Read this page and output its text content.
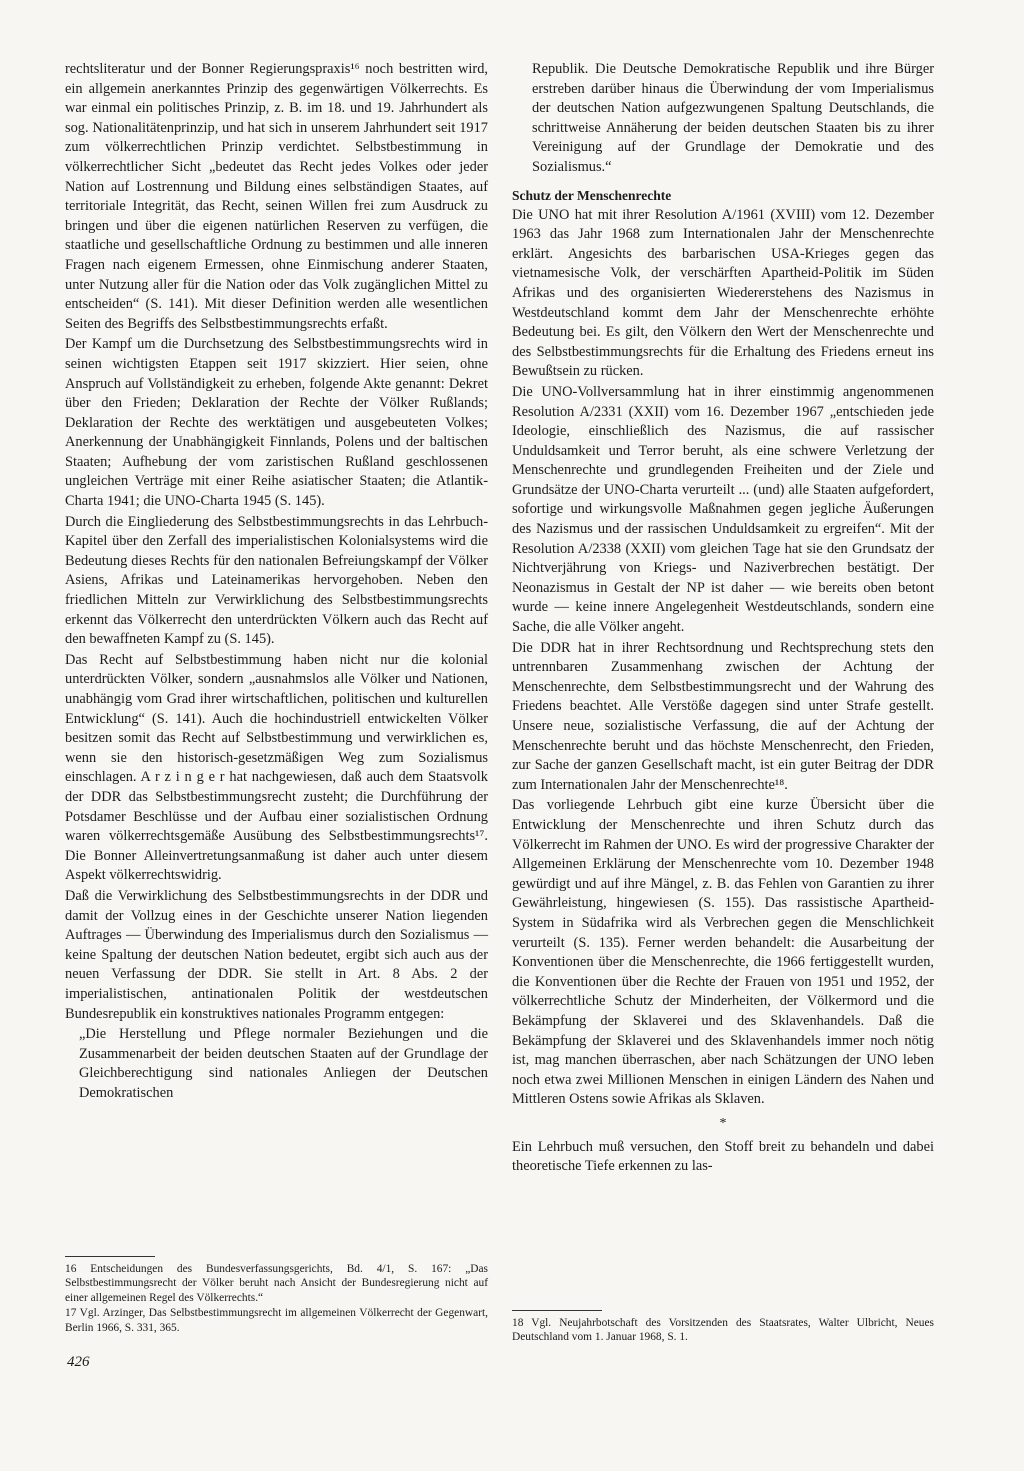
rechtsliteratur und der Bonner Regierungspraxis¹⁶ noch bestritten wird, ein allgemein anerkanntes Prinzip des gegenwärtigen Völkerrechts. Es war einmal ein politisches Prinzip, z. B. im 18. und 19. Jahrhundert als sog. Nationalitätenprinzip, und hat sich in unserem Jahrhundert seit 1917 zum völkerrechtlichen Prinzip verdichtet. Selbstbestimmung in völkerrechtlicher Sicht „bedeutet das Recht jedes Volkes oder jeder Nation auf Lostrennung und Bildung eines selbständigen Staates, auf territoriale Integrität, das Recht, seinen Willen frei zum Ausdruck zu bringen und über die eigenen natürlichen Reserven zu verfügen, die staatliche und gesellschaftliche Ordnung zu bestimmen und alle inneren Fragen nach eigenem Ermessen, ohne Einmischung anderer Staaten, unter Nutzung aller für die Nation oder das Volk zugänglichen Mittel zu entscheiden“ (S. 141). Mit dieser Definition werden alle wesentlichen Seiten des Begriffs des Selbstbestimmungsrechts erfaßt.

Der Kampf um die Durchsetzung des Selbstbestimmungsrechts wird in seinen wichtigsten Etappen seit 1917 skizziert. Hier seien, ohne Anspruch auf Vollständigkeit zu erheben, folgende Akte genannt: Dekret über den Frieden; Deklaration der Rechte der Völker Rußlands; Deklaration der Rechte des werktätigen und ausgebeuteten Volkes; Anerkennung der Unabhängigkeit Finnlands, Polens und der baltischen Staaten; Aufhebung der vom zaristischen Rußland geschlossenen ungleichen Verträge mit einer Reihe asiatischer Staaten; die Atlantik-Charta 1941; die UNO-Charta 1945 (S. 145).

Durch die Eingliederung des Selbstbestimmungsrechts in das Lehrbuch-Kapitel über den Zerfall des imperialistischen Kolonialsystems wird die Bedeutung dieses Rechts für den nationalen Befreiungskampf der Völker Asiens, Afrikas und Lateinamerikas hervorgehoben. Neben den friedlichen Mitteln zur Verwirklichung des Selbstbestimmungsrechts erkennt das Völkerrecht den unterdrückten Völkern auch das Recht auf den bewaffneten Kampf zu (S. 145).

Das Recht auf Selbstbestimmung haben nicht nur die kolonial unterdrückten Völker, sondern „ausnahmslos alle Völker und Nationen, unabhängig vom Grad ihrer wirtschaftlichen, politischen und kulturellen Entwicklung“ (S. 141). Auch die hochindustriell entwickelten Völker besitzen somit das Recht auf Selbstbestimmung und verwirklichen es, wenn sie den historisch-gesetzmäßigen Weg zum Sozialismus einschlagen. A r z i n g e r hat nachgewiesen, daß auch dem Staatsvolk der DDR das Selbstbestimmungsrecht zusteht; die Durchführung der Potsdamer Beschlüsse und der Aufbau einer sozialistischen Ordnung waren völkerrechtsgemäße Ausübung des Selbstbestimmungsrechts¹⁷. Die Bonner Alleinvertretungsanmaßung ist daher auch unter diesem Aspekt völkerrechtswidrig.

Daß die Verwirklichung des Selbstbestimmungsrechts in der DDR und damit der Vollzug eines in der Geschichte unserer Nation liegenden Auftrages — Überwindung des Imperialismus durch den Sozialismus — keine Spaltung der deutschen Nation bedeutet, ergibt sich auch aus der neuen Verfassung der DDR. Sie stellt in Art. 8 Abs. 2 der imperialistischen, antinationalen Politik der westdeutschen Bundesrepublik ein konstruktives nationales Programm entgegen:

„Die Herstellung und Pflege normaler Beziehungen und die Zusammenarbeit der beiden deutschen Staaten auf der Grundlage der Gleichberechtigung sind nationales Anliegen der Deutschen Demokratischen

Republik. Die Deutsche Demokratische Republik und ihre Bürger erstreben darüber hinaus die Überwindung der vom Imperialismus der deutschen Nation aufgezwungenen Spaltung Deutschlands, die schrittweise Annäherung der beiden deutschen Staaten bis zu ihrer Vereinigung auf der Grundlage der Demokratie und des Sozialismus.“

Schutz der Menschenrechte

Die UNO hat mit ihrer Resolution A/1961 (XVIII) vom 12. Dezember 1963 das Jahr 1968 zum Internationalen Jahr der Menschenrechte erklärt. Angesichts des barbarischen USA-Krieges gegen das vietnamesische Volk, der verschärften Apartheid-Politik im Süden Afrikas und des organisierten Wiedererstehens des Nazismus in Westdeutschland kommt dem Jahr der Menschenrechte erhöhte Bedeutung bei. Es gilt, den Völkern den Wert der Menschenrechte und des Selbstbestimmungsrechts für die Erhaltung des Friedens erneut ins Bewußtsein zu rücken.

Die UNO-Vollversammlung hat in ihrer einstimmig angenommenen Resolution A/2331 (XXII) vom 16. Dezember 1967 „entschieden jede Ideologie, einschließlich des Nazismus, die auf rassischer Unduldsamkeit und Terror beruht, als eine schwere Verletzung der Menschenrechte und grundlegenden Freiheiten und der Ziele und Grundsätze der UNO-Charta verurteilt ... (und) alle Staaten aufgefordert, sofortige und wirkungsvolle Maßnahmen gegen jegliche Äußerungen des Nazismus und der rassischen Unduldsamkeit zu ergreifen“. Mit der Resolution A/2338 (XXII) vom gleichen Tage hat sie den Grundsatz der Nichtverjährung von Kriegs- und Naziverbrechen bestätigt. Der Neonazismus in Gestalt der NP ist daher — wie bereits oben betont wurde — keine innere Angelegenheit Westdeutschlands, sondern eine Sache, die alle Völker angeht.

Die DDR hat in ihrer Rechtsordnung und Rechtsprechung stets den untrennbaren Zusammenhang zwischen der Achtung der Menschenrechte, dem Selbstbestimmungsrecht und der Wahrung des Friedens beachtet. Alle Verstöße dagegen sind unter Strafe gestellt. Unsere neue, sozialistische Verfassung, die auf der Achtung der Menschenrechte beruht und das höchste Menschenrecht, den Frieden, zur Sache der ganzen Gesellschaft macht, ist ein guter Beitrag der DDR zum Internationalen Jahr der Menschenrechte¹⁸.

Das vorliegende Lehrbuch gibt eine kurze Übersicht über die Entwicklung der Menschenrechte und ihren Schutz durch das Völkerrecht im Rahmen der UNO. Es wird der progressive Charakter der Allgemeinen Erklärung der Menschenrechte vom 10. Dezember 1948 gewürdigt und auf ihre Mängel, z. B. das Fehlen von Garantien zu ihrer Gewährleistung, hingewiesen (S. 155). Das rassistische Apartheid-System in Südafrika wird als Verbrechen gegen die Menschlichkeit verurteilt (S. 135). Ferner werden behandelt: die Ausarbeitung der Konventionen über die Menschenrechte, die 1966 fertiggestellt wurden, die Konventionen über die Rechte der Frauen von 1951 und 1952, der völkerrechtliche Schutz der Minderheiten, der Völkermord und die Bekämpfung der Sklaverei und des Sklavenhandels. Daß die Bekämpfung der Sklaverei und des Sklavenhandels immer noch nötig ist, mag manchen überraschen, aber nach Schätzungen der UNO leben noch etwa zwei Millionen Menschen in einigen Ländern des Nahen und Mittleren Ostens sowie Afrikas als Sklaven.

*

Ein Lehrbuch muß versuchen, den Stoff breit zu behandeln und dabei theoretische Tiefe erkennen zu las-

16 Entscheidungen des Bundesverfassungsgerichts, Bd. 4/1, S. 167: „Das Selbstbestimmungsrecht der Völker beruht nach Ansicht der Bundesregierung nicht auf einer allgemeinen Regel des Völkerrechts.“

17 Vgl. Arzinger, Das Selbstbestimmungsrecht im allgemeinen Völkerrecht der Gegenwart, Berlin 1966, S. 331, 365.	18 Vgl. Neujahrbotschaft des Vorsitzenden des Staatsrates, Walter Ulbricht, Neues Deutschland vom 1. Januar 1968, S. 1.

426
